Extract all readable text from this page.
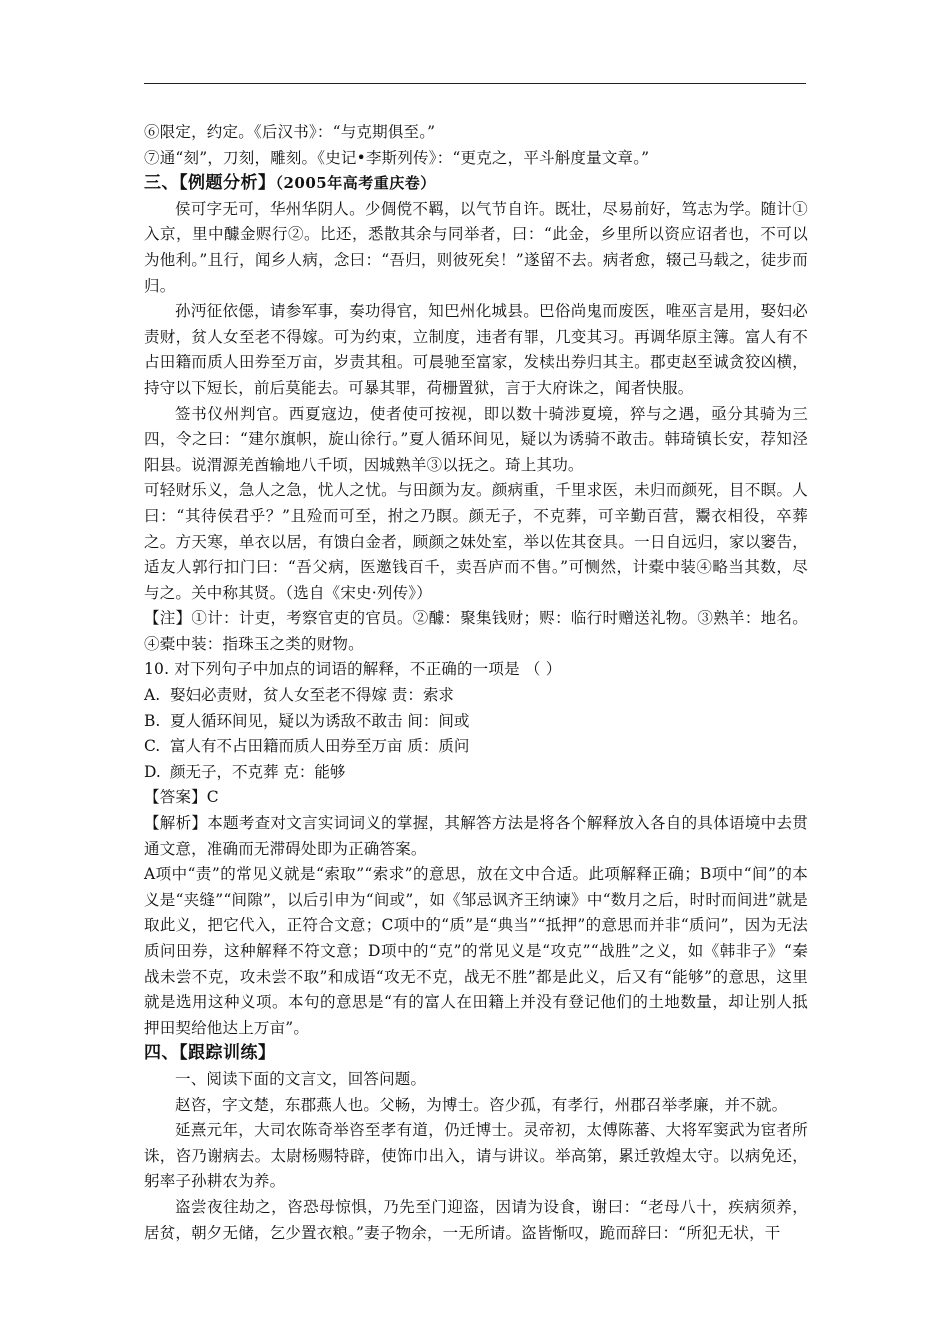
⑥限定，约定。《后汉书》：“与克期俱至。”

⑦通“刻”，刀刻，雕刻。《史记•李斯列传》：“更克之，平斗斛度量文章。”

三、【例题分析】（2005年高考重庆卷）

侯可字无可，华州华阴人。少倜傥不羁，以气节自许。既壮，尽易前好，笃志为学。随计①入京，里中醵金赆行②。比还，悉散其余与同举者，曰：“此金，乡里所以资应诏者也，不可以为他利。”且行，闻乡人病，念曰：“吾归，则彼死矣！”遂留不去。病者愈，辍己马载之，徒步而归。

孙沔征依僫，请参军事，奏功得官，知巴州化城县。巴俗尚鬼而废医，唯巫言是用，娶妇必责财，贫人女至老不得嫁。可为约束，立制度，违者有罪，几变其习。再调华原主簿。富人有不占田籍而质人田券至万亩，岁责其租。可晨驰至富家，发椟出券归其主。郡吏赵至诚贪狡凶横，持守以下短长，前后莫能去。可暴其罪，荷栅置狱，言于大府诛之，闻者快服。

签书仪州判官。西夏寇边，使者使可按视，即以数十骑涉夏境，猝与之遇，亟分其骑为三四，令之曰：“建尔旗帜，旋山徐行。”夏人循环间见，疑以为诱骑不敢击。韩琦镇长安，荐知泾阳县。说渭源羌酋输地八千顷，因城熟羊③以抚之。琦上其功。

可轻财乐义，急人之急，忧人之忧。与田颜为友。颜病重，千里求医，未归而颜死，目不瞑。人曰：“其待侯君乎？”且殓而可至，拊之乃瞑。颜无子，不克葬，可辛勤百营，鬻衣相役，卒葬之。方天寒，单衣以居，有馈白金者，顾颜之妹处室，举以佐其奁具。一日自远归，家以窭告，适友人郭行扣门曰：“吾父病，医邀钱百千，卖吾庐而不售。”可恻然，计橐中装④略当其数，尽与之。关中称其贤。（选自《宋史·列传》）

【注】①计：计吏，考察官吏的官员。②醵：聚集钱财；赆：临行时赠送礼物。③熟羊：地名。④橐中装：指珠玉之类的财物。

10. 对下列句子中加点的词语的解释，不正确的一项是 （ ）

A. 娶妇必责财，贫人女至老不得嫁 责：索求

B. 夏人循环间见，疑以为诱敌不敢击 间：间或

C. 富人有不占田籍而质人田券至万亩 质：质问

D. 颜无子，不克葬 克：能够

【答案】C

【解析】本题考查对文言实词词义的掌握，其解答方法是将各个解释放入各自的具体语境中去贯通文意，准确而无滞碍处即为正确答案。

A项中“责”的常见义就是“索取”“索求”的意思，放在文中合适。此项解释正确；B项中“间”的本义是“夹缝”“间隙”，以后引申为“间或”，如《邹忌讽齐王纳谏》中“数月之后，时时而间进”就是取此义，把它代入，正符合文意；C项中的“质”是“典当”“抵押”的意思而并非“质问”，因为无法质问田券，这种解释不符文意；D项中的“克”的常见义是“攻克”“战胜”之义，如《韩非子》“秦战未尝不克，攻未尝不取”和成语“攻无不克，战无不胜”都是此义，后又有“能够”的意思，这里就是选用这种义项。本句的意思是“有的富人在田籍上并没有登记他们的土地数量，却让别人抵押田契给他达上万亩”。

四、【跟踪训练】

一、阅读下面的文言文，回答问题。

赵咨，字文楚，东郡燕人也。父畅，为博士。咨少孤，有孝行，州郡召举孝廉，并不就。

延熹元年，大司农陈奇举咨至孝有道，仍迁博士。灵帝初，太傅陈蕃、大将军窦武为宦者所诛，咨乃谢病去。太尉杨赐特辟，使饰巾出入，请与讲议。举高第，累迁敦煌太守。以病免还，躬率子孙耕农为养。

盗尝夜往劫之，咨恐母惊惧，乃先至门迎盗，因请为设食，谢曰：“老母八十，疾病须养，居贫，朝夕无储，乞少置衣粮。”妻子物余，一无所请。盗皆惭叹，跪而辞曰：“所犯无状，干
